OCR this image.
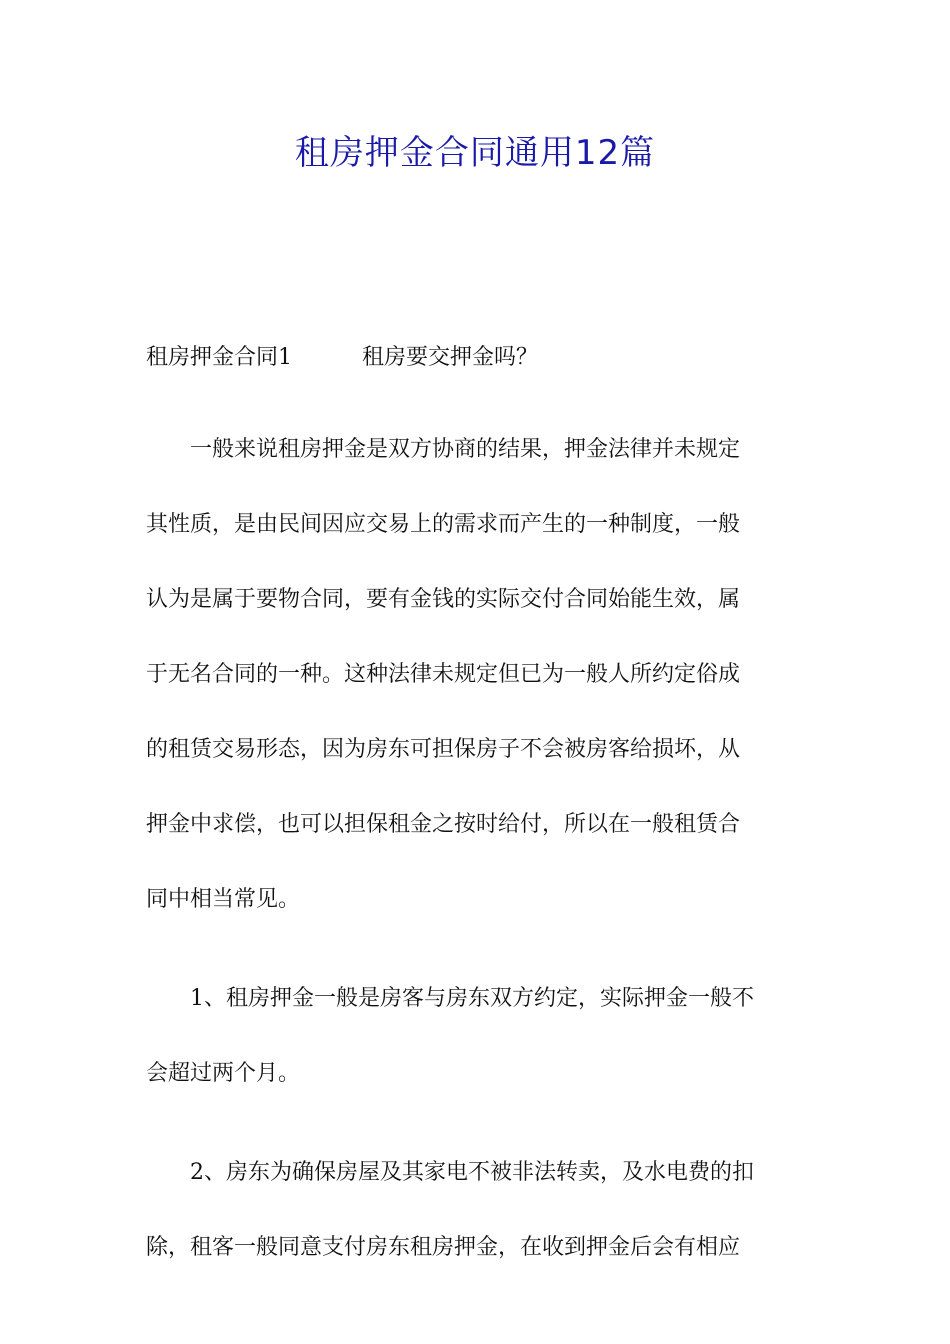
租房押金合同通用12篇
租房押金合同1	租房要交押金吗？
一般来说租房押金是双方协商的结果，押金法律并未规定
其性质，是由民间因应交易上的需求而产生的一种制度，一般
认为是属于要物合同，要有金钱的实际交付合同始能生效，属
于无名合同的一种。这种法律未规定但已为一般人所约定俗成
的租赁交易形态，因为房东可担保房子不会被房客给损坏，从
押金中求偿，也可以担保租金之按时给付，所以在一般租赁合
同中相当常见。
1、租房押金一般是房客与房东双方约定，实际押金一般不
会超过两个月。
2、房东为确保房屋及其家电不被非法转卖，及水电费的扣
除，租客一般同意支付房东租房押金，在收到押金后会有相应
